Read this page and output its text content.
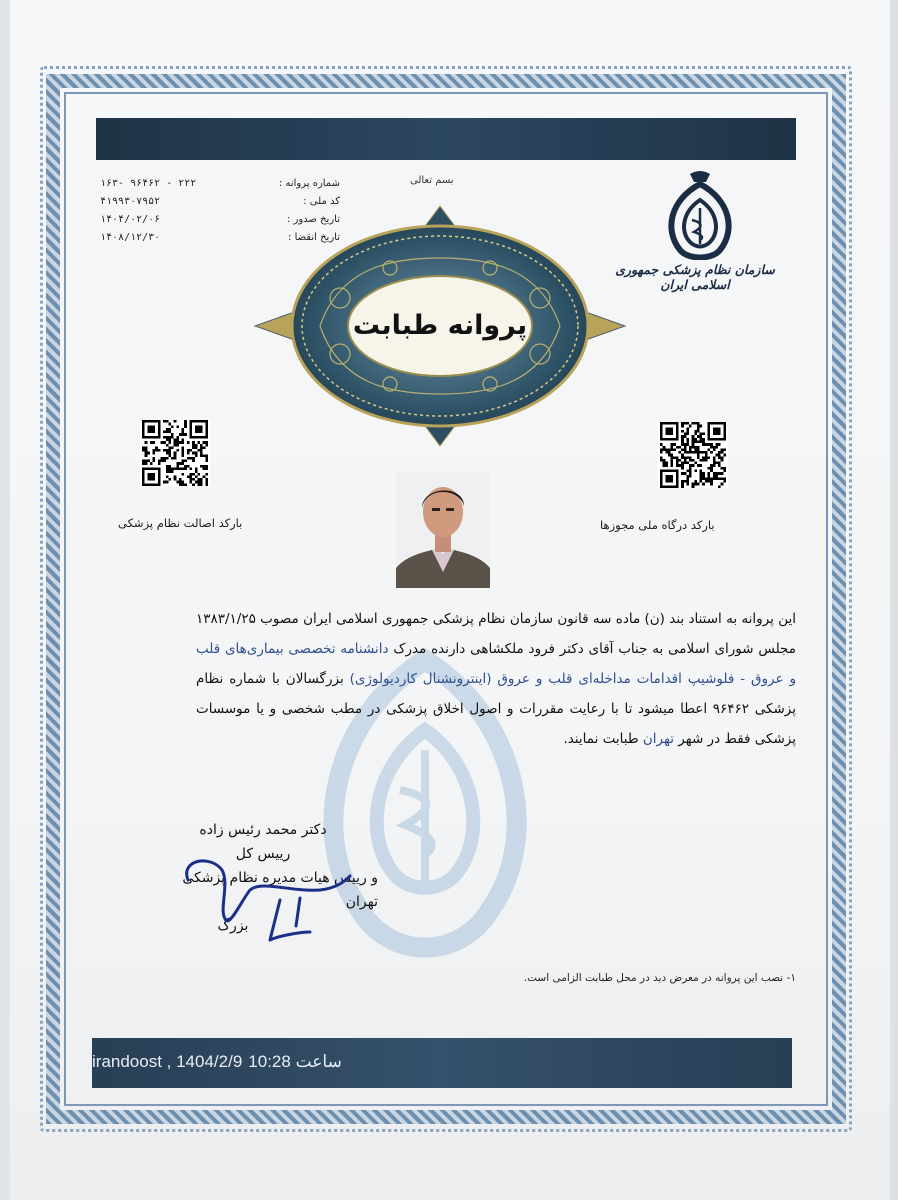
۱۶۳- ۹۶۴۶۲ - ۲۲۲	شماره پروانه :
۴۱۹۹۳۰۷۹۵۲	کد ملی :
۱۴۰۴/۰۲/۰۶	تاریخ صدور :
۱۴۰۸/۱۲/۳۰	تاریخ انقضا :
بسم تعالی
پروانه طبابت
سازمان نظام پزشکی جمهوری اسلامی ایران
بارکد اصالت نظام پزشکی	بارکد درگاه ملی مجوزها
این پروانه به استناد بند (ن) ماده سه قانون سازمان نظام پزشکی جمهوری اسلامی ایران مصوب ۱۳۸۳/۱/۲۵ مجلس شورای اسلامی به جناب آقای دکتر فرود ملکشاهی دارنده مدرک دانشنامه تخصصی بیماری‌های قلب و عروق - فلوشیپ اقدامات مداخله‌ای قلب و عروق (اینترونشنال کاردیولوژی) بزرگسالان با شماره نظام پزشکی ۹۶۴۶۲ اعطا میشود تا با رعایت مقررات و اصول اخلاق پزشکی در مطب شخصی و یا موسسات پزشکی فقط در شهر تهران طبابت نمایند.
دکتر محمد رئیس زاده
رییس کل
و رییس هیات مدیره نظام پزشکی تهران
بزرگ
۱- نصب این پروانه در معرض دید در محل طبابت الزامی است.
irandoost , 1404/2/9 10:28 ساعت
